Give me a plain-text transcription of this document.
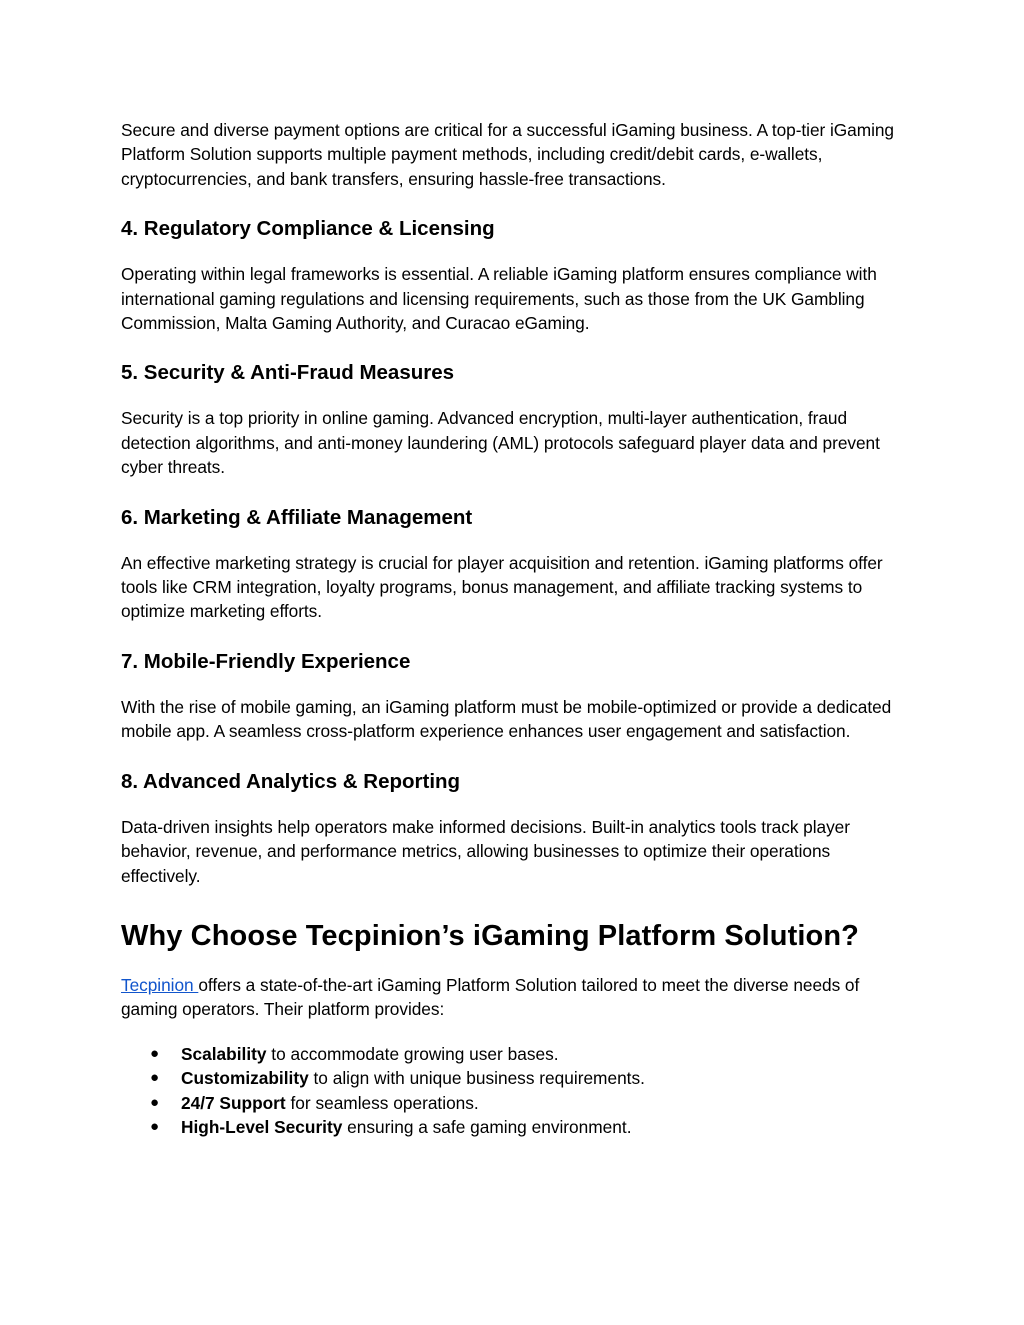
Secure and diverse payment options are critical for a successful iGaming business. A top-tier iGaming Platform Solution supports multiple payment methods, including credit/debit cards, e-wallets, cryptocurrencies, and bank transfers, ensuring hassle-free transactions.

4. Regulatory Compliance & Licensing

Operating within legal frameworks is essential. A reliable iGaming platform ensures compliance with international gaming regulations and licensing requirements, such as those from the UK Gambling Commission, Malta Gaming Authority, and Curacao eGaming.

5. Security & Anti-Fraud Measures

Security is a top priority in online gaming. Advanced encryption, multi-layer authentication, fraud detection algorithms, and anti-money laundering (AML) protocols safeguard player data and prevent cyber threats.

6. Marketing & Affiliate Management

An effective marketing strategy is crucial for player acquisition and retention. iGaming platforms offer tools like CRM integration, loyalty programs, bonus management, and affiliate tracking systems to optimize marketing efforts.

7. Mobile-Friendly Experience

With the rise of mobile gaming, an iGaming platform must be mobile-optimized or provide a dedicated mobile app. A seamless cross-platform experience enhances user engagement and satisfaction.

8. Advanced Analytics & Reporting

Data-driven insights help operators make informed decisions. Built-in analytics tools track player behavior, revenue, and performance metrics, allowing businesses to optimize their operations effectively.

Why Choose Tecpinion’s iGaming Platform Solution?

Tecpinion offers a state-of-the-art iGaming Platform Solution tailored to meet the diverse needs of gaming operators. Their platform provides:

● Scalability to accommodate growing user bases.
● Customizability to align with unique business requirements.
● 24/7 Support for seamless operations.
● High-Level Security ensuring a safe gaming environment.
